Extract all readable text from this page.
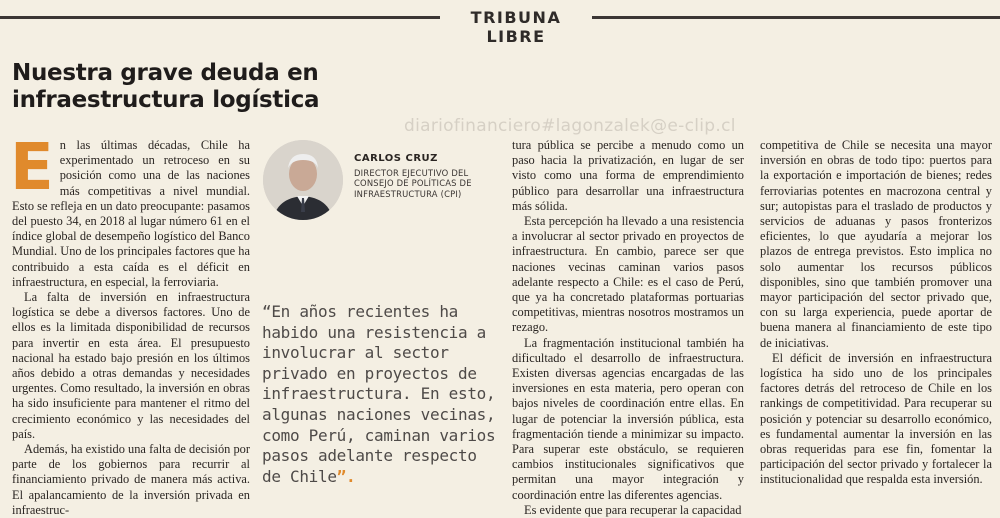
TRIBUNA LIBRE
Nuestra grave deuda en infraestructura logística
diariofinanciero#lagonzalek@e-clip.cl

En las últimas décadas, Chile ha experimentado un retroceso en su posición como una de las naciones más competitivas a nivel mundial. Esto se refleja en un dato preocupante: pasamos del puesto 34, en 2018 al lugar número 61 en el índice global de desempeño logístico del Banco Mundial. Uno de los principales factores que ha contribuido a esta caída es el déficit en infraestructura, en especial, la ferroviaria.

La falta de inversión en infraestructura logística se debe a diversos factores. Uno de ellos es la limitada disponibilidad de recursos para invertir en esta área. El presupuesto nacional ha estado bajo presión en los últimos años debido a otras demandas y necesidades urgentes. Como resultado, la inversión en obras ha sido insuficiente para mantener el ritmo del crecimiento económico y las necesidades del país.

Además, ha existido una falta de decisión por parte de los gobiernos para recurrir al financiamiento privado de manera más activa. El apalancamiento de la inversión privada en infraestruc-

CARLOS CRUZ
DIRECTOR EJECUTIVO DEL CONSEJO DE POLÍTICAS DE INFRAESTRUCTURA (CPI)
“En años recientes ha habido una resistencia a involucrar al sector privado en proyectos de infraestructura. En esto, algunas naciones vecinas, como Perú, caminan varios pasos adelante respecto de Chile”.

tura pública se percibe a menudo como un paso hacia la privatización, en lugar de ser visto como una forma de emprendimiento público para desarrollar una infraestructura más sólida.

Esta percepción ha llevado a una resistencia a involucrar al sector privado en proyectos de infraestructura. En cambio, parece ser que naciones vecinas caminan varios pasos adelante respecto a Chile: es el caso de Perú, que ya ha concretado plataformas portuarias competitivas, mientras nosotros mostramos un rezago.

La fragmentación institucional también ha dificultado el desarrollo de infraestructura. Existen diversas agencias encargadas de las inversiones en esta materia, pero operan con bajos niveles de coordinación entre ellas. En lugar de potenciar la inversión pública, esta fragmentación tiende a minimizar su impacto. Para superar este obstáculo, se requieren cambios institucionales significativos que permitan una mayor integración y coordinación entre las diferentes agencias.

Es evidente que para recuperar la capacidad

competitiva de Chile se necesita una mayor inversión en obras de todo tipo: puertos para la exportación e importación de bienes; redes ferroviarias potentes en macrozona central y sur; autopistas para el traslado de productos y servicios de aduanas y pasos fronterizos eficientes, lo que ayudaría a mejorar los plazos de entrega previstos. Esto implica no solo aumentar los recursos públicos disponibles, sino que también promover una mayor participación del sector privado que, con su larga experiencia, puede aportar de buena manera al financiamiento de este tipo de iniciativas.

El déficit de inversión en infraestructura logística ha sido uno de los principales factores detrás del retroceso de Chile en los rankings de competitividad. Para recuperar su posición y potenciar su desarrollo económico, es fundamental aumentar la inversión en las obras requeridas para ese fin, fomentar la participación del sector privado y fortalecer la institucionalidad que respalda esta inversión.
